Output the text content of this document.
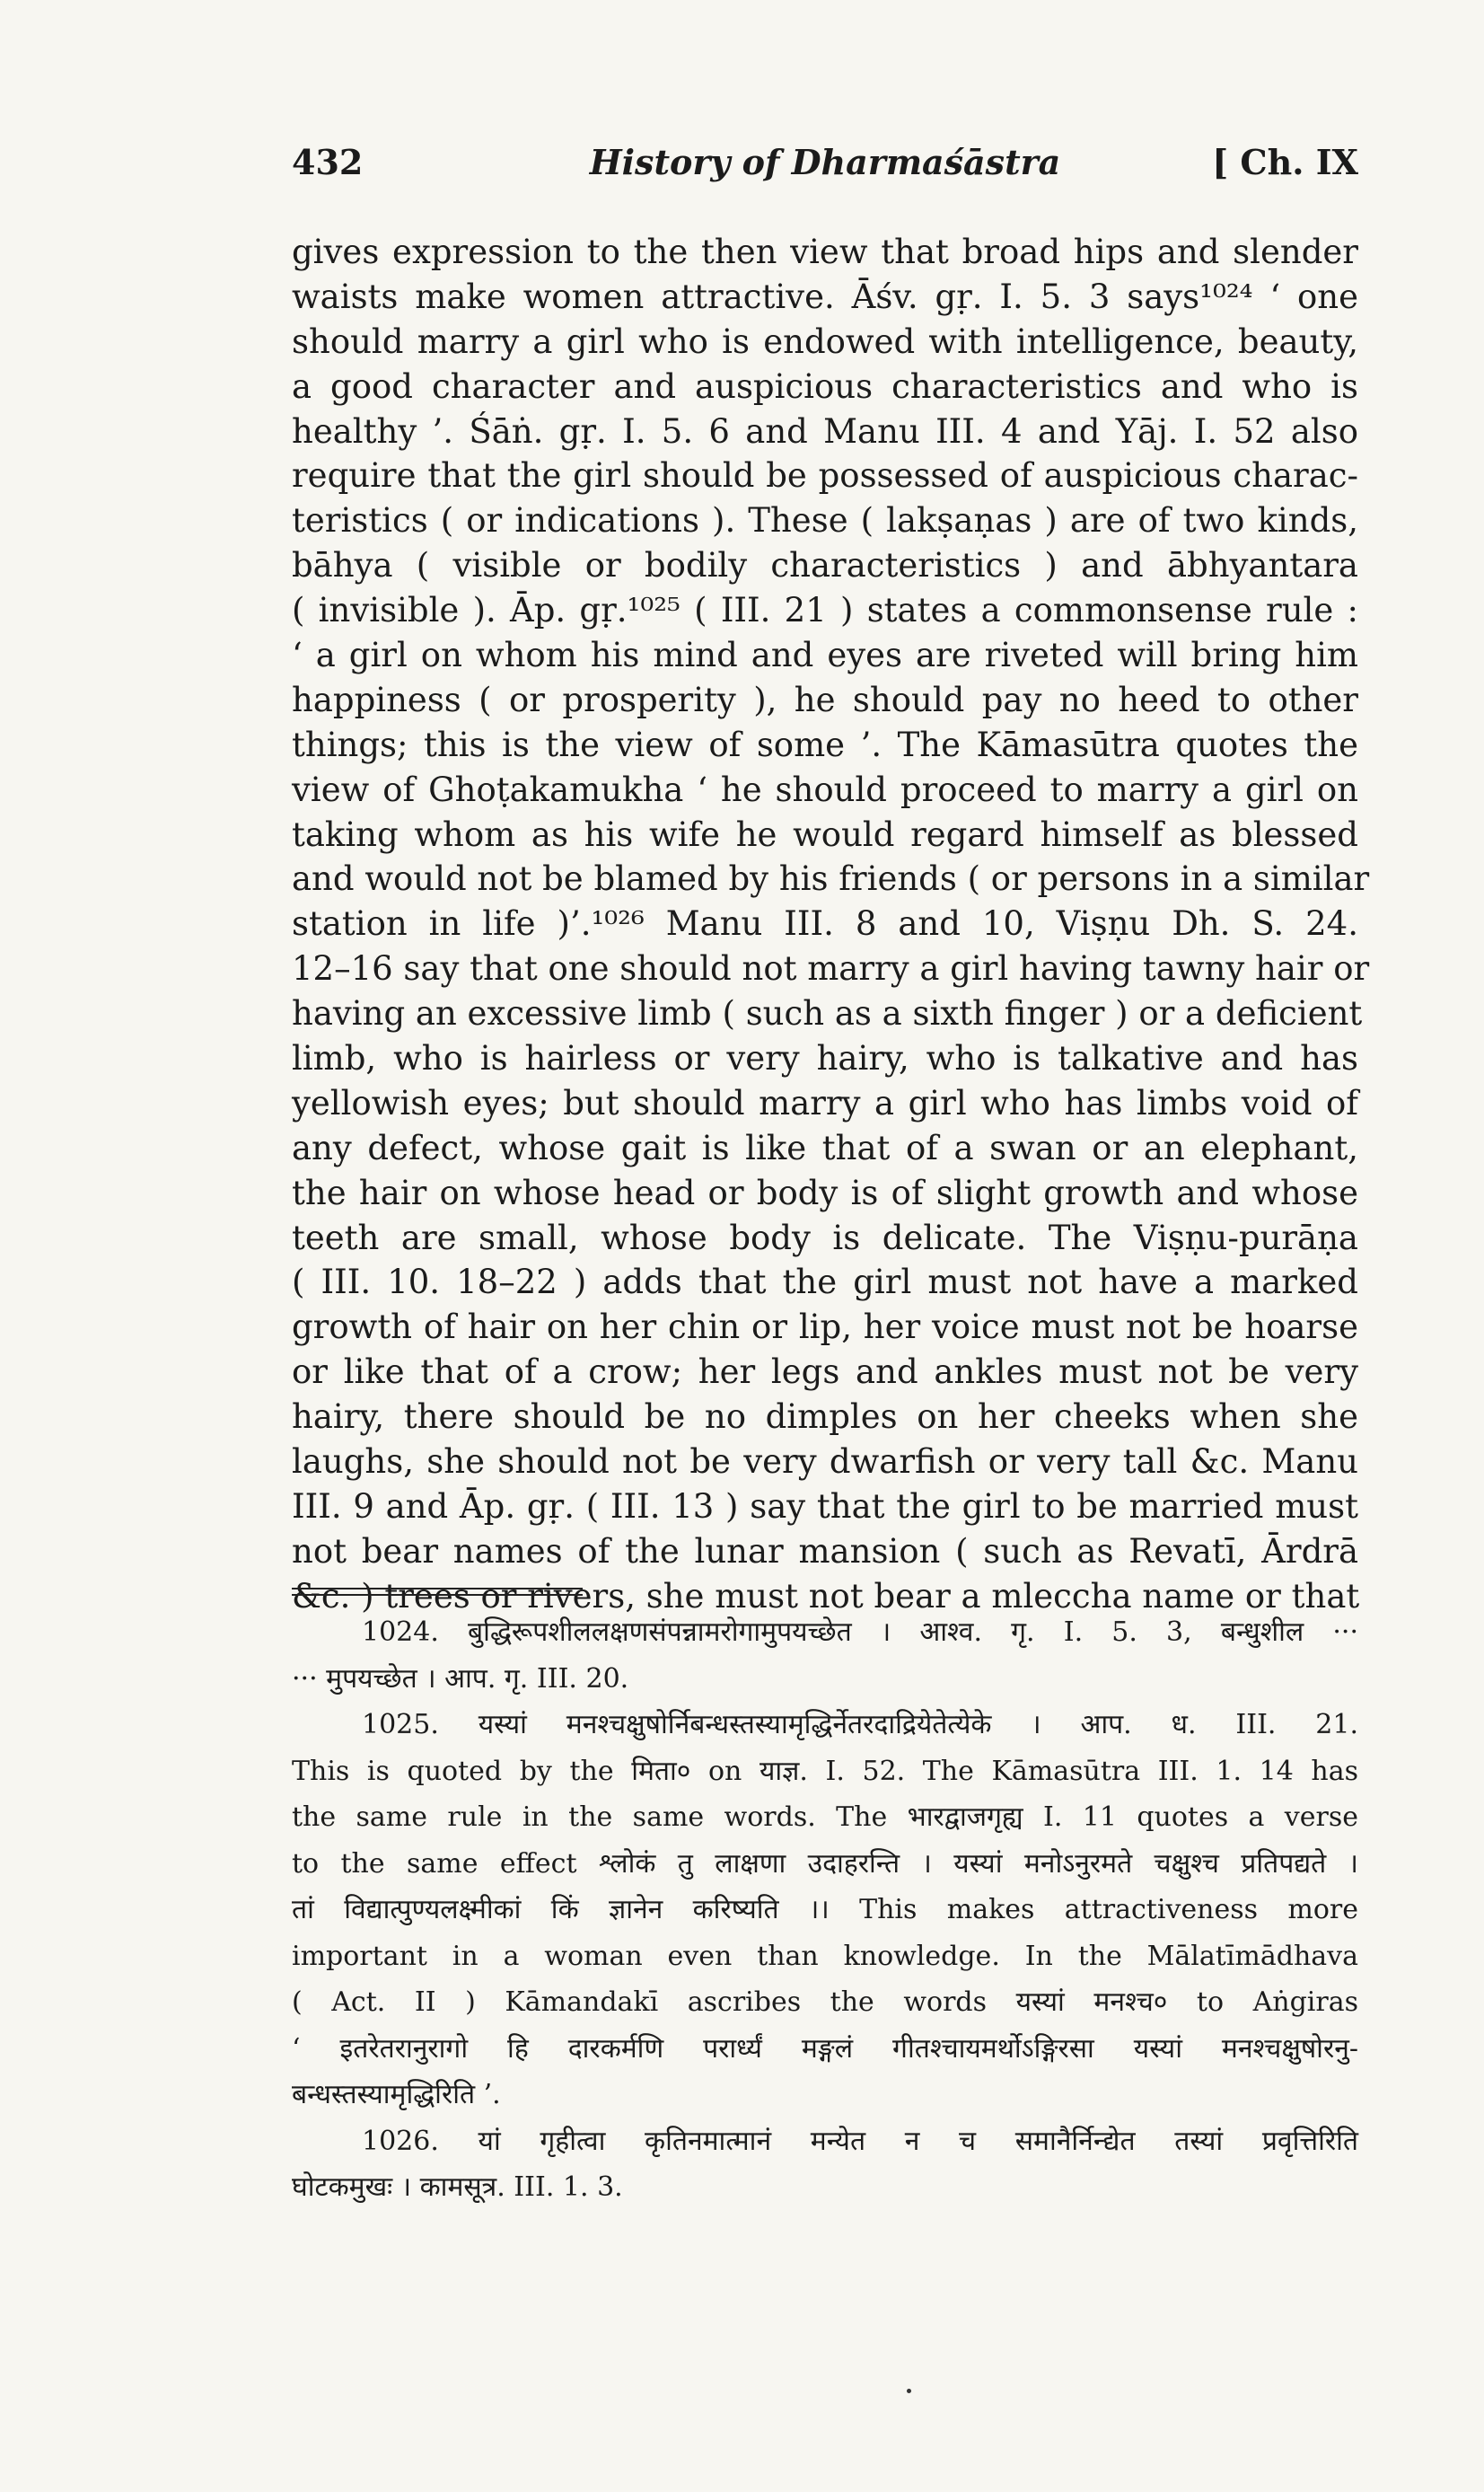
432	History of Dharmaśāstra	[ Ch. IX
gives expression to the then view that broad hips and slender
waists make women attractive. Āśv. gṛ. I. 5. 3 says¹⁰²⁴ ‘ one
should marry a girl who is endowed with intelligence, beauty,
a good character and auspicious characteristics and who is
healthy ’. Śāṅ. gṛ. I. 5. 6 and Manu III. 4 and Yāj. I. 52 also
require that the girl should be possessed of auspicious charac-
teristics ( or indications ). These ( lakṣaṇas ) are of two kinds,
bāhya ( visible or bodily characteristics ) and ābhyantara
( invisible ). Āp. gṛ.¹⁰²⁵ ( III. 21 ) states a commonsense rule :
‘ a girl on whom his mind and eyes are riveted will bring him
happiness ( or prosperity ), he should pay no heed to other
things; this is the view of some ’. The Kāmasūtra quotes the
view of Ghoṭakamukha ‘ he should proceed to marry a girl on
taking whom as his wife he would regard himself as blessed
and would not be blamed by his friends ( or persons in a similar
station in life )’.¹⁰²⁶ Manu III. 8 and 10, Viṣṇu Dh. S. 24.
12–16 say that one should not marry a girl having tawny hair or
having an excessive limb ( such as a sixth finger ) or a deficient
limb, who is hairless or very hairy, who is talkative and has
yellowish eyes; but should marry a girl who has limbs void of
any defect, whose gait is like that of a swan or an elephant,
the hair on whose head or body is of slight growth and whose
teeth are small, whose body is delicate. The Viṣṇu-purāṇa
( III. 10. 18–22 ) adds that the girl must not have a marked
growth of hair on her chin or lip, her voice must not be hoarse
or like that of a crow; her legs and ankles must not be very
hairy, there should be no dimples on her cheeks when she
laughs, she should not be very dwarfish or very tall &c. Manu
III. 9 and Āp. gṛ. ( III. 13 ) say that the girl to be married must
not bear names of the lunar mansion ( such as Revatī, Ārdrā
&c. ) trees or rivers, she must not bear a mleccha name or that
1024. बुद्धिरूपशीललक्षणसंपन्नामरोगामुपयच्छेत । आश्व. गृ. I. 5. 3, बन्धुशील ···
··· मुपयच्छेत । आप. गृ. III. 20.
1025. यस्यां मनश्चक्षुषोर्निबन्धस्तस्यामृद्धिर्नेतरदाद्रियेतेत्येके । आप. ध. III. 21.
This is quoted by the मिता० on याज्ञ. I. 52. The Kāmasūtra III. 1. 14 has
the same rule in the same words. The भारद्वाजगृह्य I. 11 quotes a verse
to the same effect श्लोकं तु लाक्षणा उदाहरन्ति । यस्यां मनोऽनुरमते चक्षुश्च प्रतिपद्यते ।
तां विद्यात्पुण्यलक्ष्मीकां किं ज्ञानेन करिष्यति ।। This makes attractiveness more
important in a woman even than knowledge. In the Mālatīmādhava
( Act. II ) Kāmandakī ascribes the words यस्यां मनश्च० to Aṅgiras
‘ इतरेतरानुरागो हि दारकर्मणि परार्ध्यं मङ्गलं गीतश्चायमर्थोऽङ्गिरसा यस्यां मनश्चक्षुषोरनु-
बन्धस्तस्यामृद्धिरिति ’.
1026. यां गृहीत्वा कृतिनमात्मानं मन्येत न च समानैर्निन्द्येत तस्यां प्रवृत्तिरिति
घोटकमुखः । कामसूत्र. III. 1. 3.
